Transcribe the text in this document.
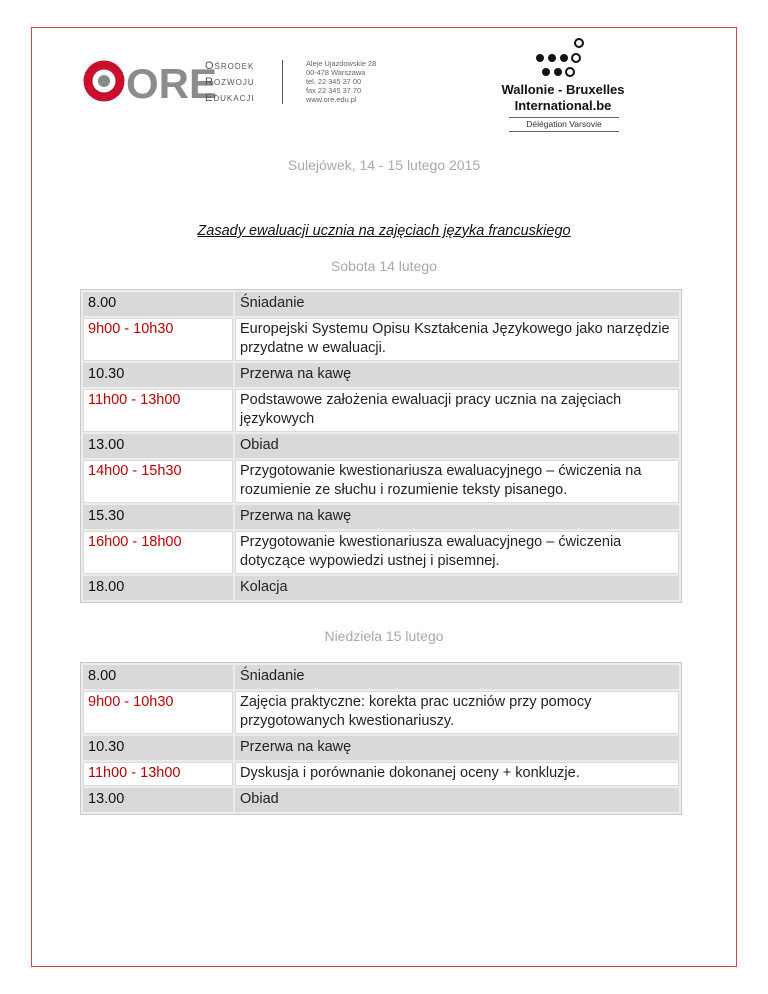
ORE
Ośrodek
Rozwoju
Edukacji
Aleje Ujazdowskie 28
00-478 Warszawa
tel. 22 345 37 00
fax 22 345 37 70
www.ore.edu.pl
Wallonie - Bruxelles
International.be
Délégation Varsovie
Sulejówek, 14 - 15 lutego 2015
Zasady ewaluacji ucznia na zajęciach języka francuskiego
Sobota 14 lutego
8.00	Śniadanie
9h00 - 10h30	Europejski Systemu Opisu Kształcenia Językowego jako narzędzie przydatne w ewaluacji.
10.30	Przerwa na kawę
11h00 - 13h00	Podstawowe założenia ewaluacji pracy ucznia na zajęciach językowych
13.00	Obiad
14h00 - 15h30	Przygotowanie kwestionariusza ewaluacyjnego – ćwiczenia na rozumienie ze słuchu i rozumienie teksty pisanego.
15.30	Przerwa na kawę
16h00 - 18h00	Przygotowanie kwestionariusza ewaluacyjnego – ćwiczenia dotyczące wypowiedzi ustnej i pisemnej.
18.00	Kolacja
Niedziela 15 lutego
8.00	Śniadanie
9h00 - 10h30	Zajęcia praktyczne: korekta prac uczniów przy pomocy przygotowanych kwestionariuszy.
10.30	Przerwa na kawę
11h00 - 13h00	Dyskusja i porównanie dokonanej oceny + konkluzje.
13.00	Obiad
